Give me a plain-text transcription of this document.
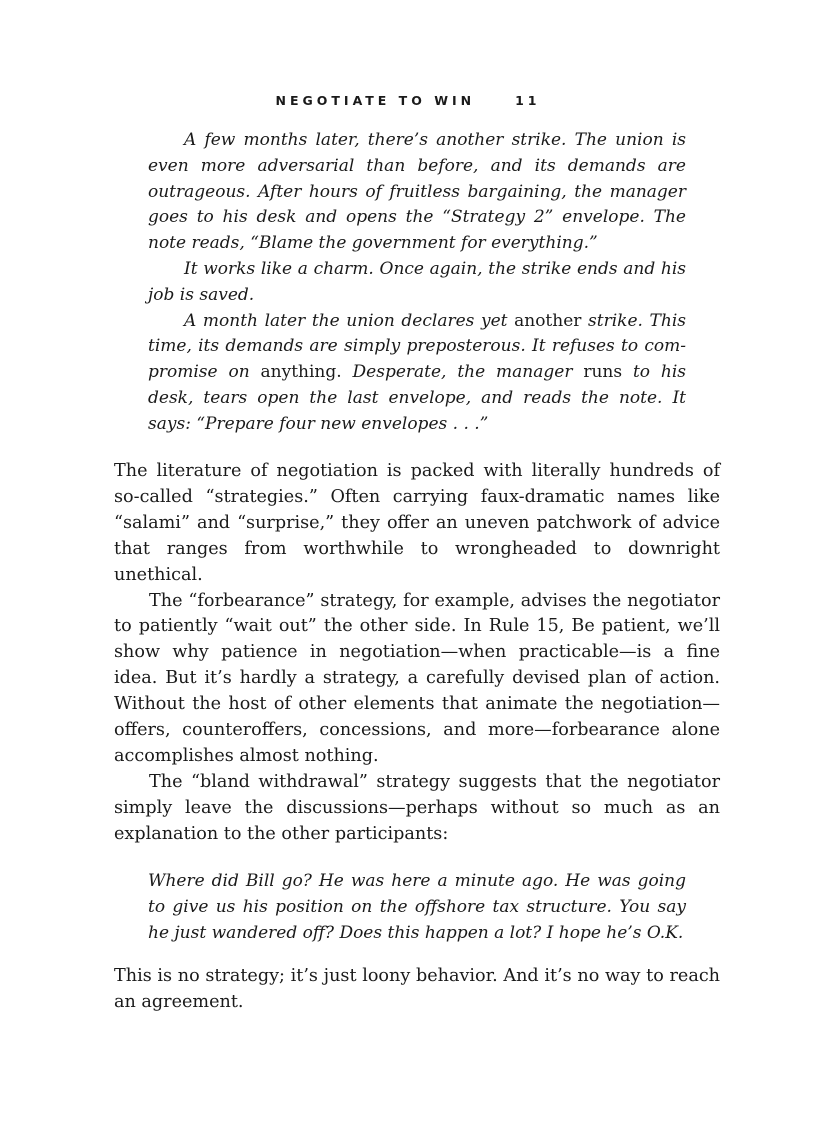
NEGOTIATE TO WIN	11

A few months later, there’s another strike. The union is even more adversarial than before, and its demands are outrageous. After hours of fruitless bargaining, the manager goes to his desk and opens the “Strategy 2” envelope. The note reads, “Blame the government for everything.”

It works like a charm. Once again, the strike ends and his job is saved.

A month later the union declares yet another strike. This time, its demands are simply preposterous. It refuses to compromise on anything. Desperate, the manager runs to his desk, tears open the last envelope, and reads the note. It says: “Prepare four new envelopes . . .”

The literature of negotiation is packed with literally hundreds of so-called “strategies.” Often carrying faux-dramatic names like “salami” and “surprise,” they offer an uneven patchwork of advice that ranges from worthwhile to wrongheaded to downright unethical.

The “forbearance” strategy, for example, advises the negotiator to patiently “wait out” the other side. In Rule 15, Be patient, we’ll show why patience in negotiation—when practicable—is a fine idea. But it’s hardly a strategy, a carefully devised plan of action. Without the host of other elements that animate the negotiation—offers, counteroffers, concessions, and more—forbearance alone accomplishes almost nothing.

The “bland withdrawal” strategy suggests that the negotiator simply leave the discussions—perhaps without so much as an explanation to the other participants:

Where did Bill go? He was here a minute ago. He was going to give us his position on the offshore tax structure. You say he just wandered off? Does this happen a lot? I hope he’s O.K.

This is no strategy; it’s just loony behavior. And it’s no way to reach an agreement.
